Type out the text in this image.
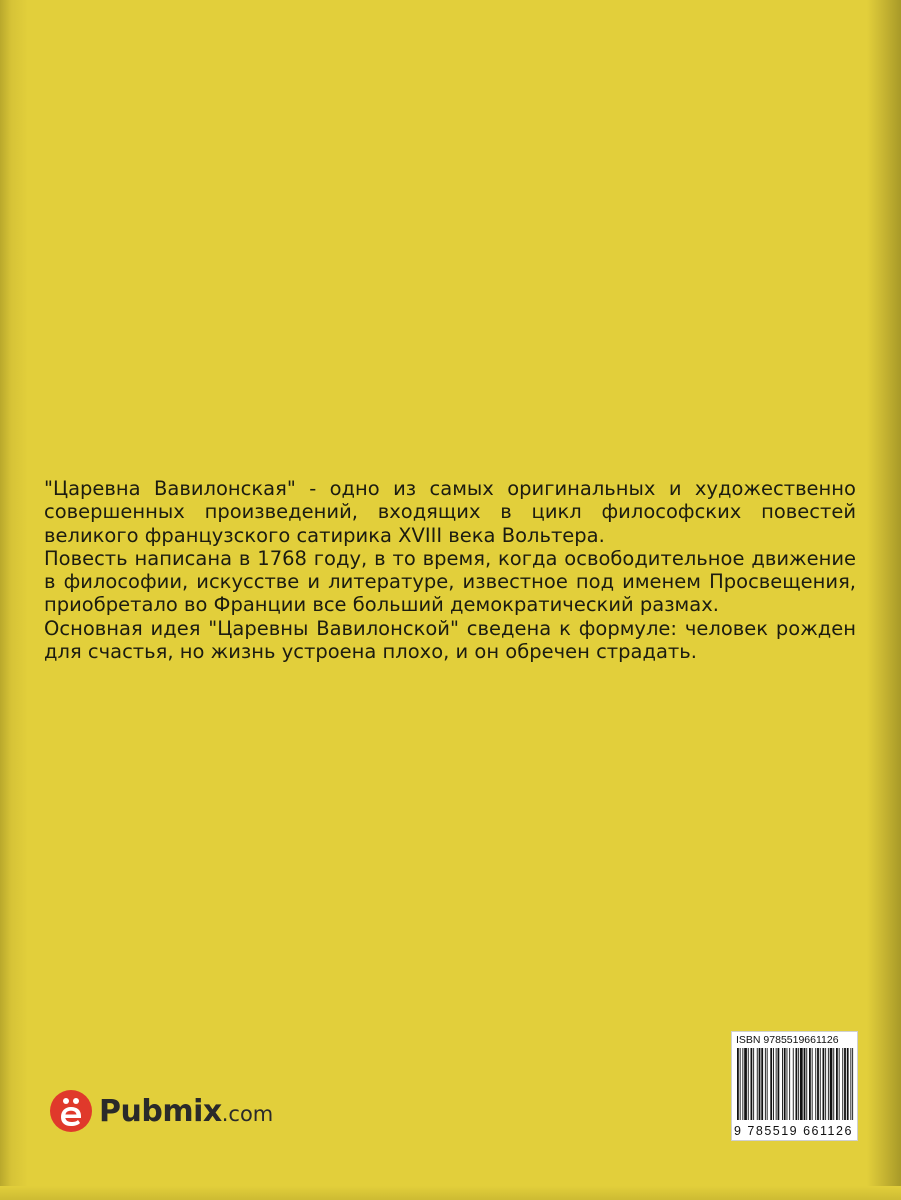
"Царевна Вавилонская" - одно из самых оригинальных и художественно совершенных произведений, входящих в цикл философских повестей великого французского сатирика XVIII века Вольтера.

Повесть написана в 1768 году, в то время, когда освободительное движение в философии, искусстве и литературе, известное под именем Просвещения, приобретало во Франции все больший демократический размах.

Основная идея "Царевны Вавилонской" сведена к формуле: человек рожден для счастья, но жизнь устроена плохо, и он обречен страдать.

Pubmix .com
ISBN 9785519661126
9 785519 661126
